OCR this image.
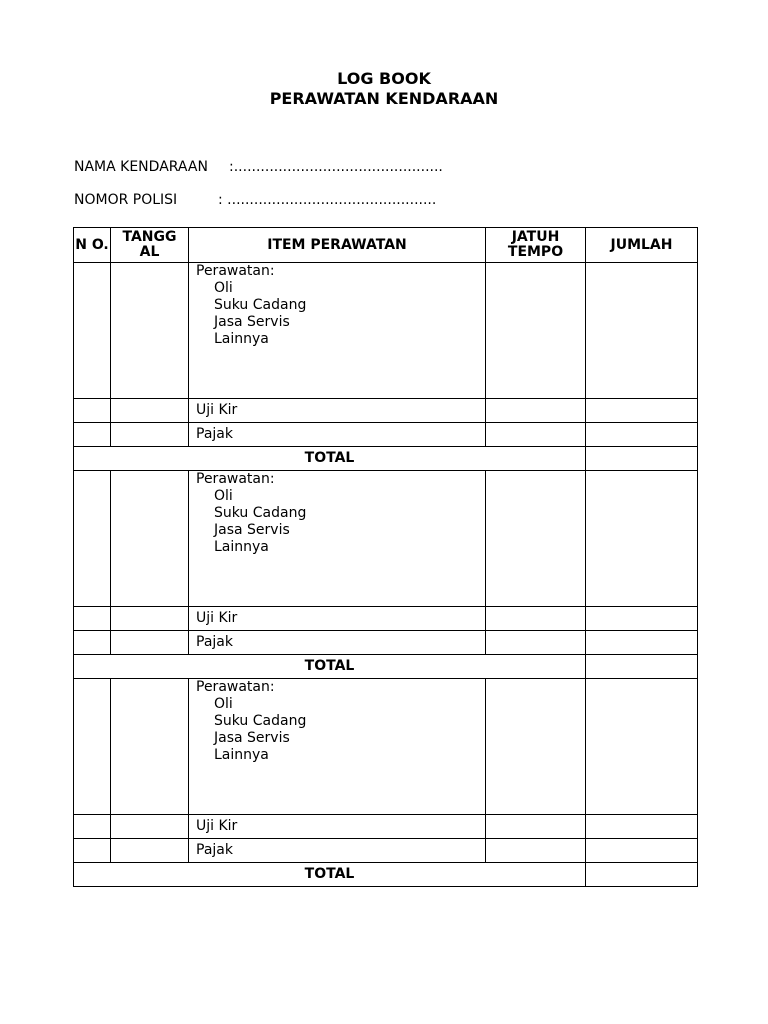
LOG BOOK
PERAWATAN KENDARAAN
NAMA KENDARAAN :...............................................
NOMOR POLISI	: ...............................................
N O.	TANGG AL	ITEM PERAWATAN	JATUH TEMPO	JUMLAH

		Perawatan:
Oli
Suku Cadang
Jasa Servis
Lainnya		

		Uji Kir		
		Pajak		
TOTAL				

		Perawatan:
Oli
Suku Cadang
Jasa Servis
Lainnya		

		Uji Kir		
		Pajak		
TOTAL				

		Perawatan:
Oli
Suku Cadang
Jasa Servis
Lainnya		

		Uji Kir		
		Pajak		
TOTAL				
